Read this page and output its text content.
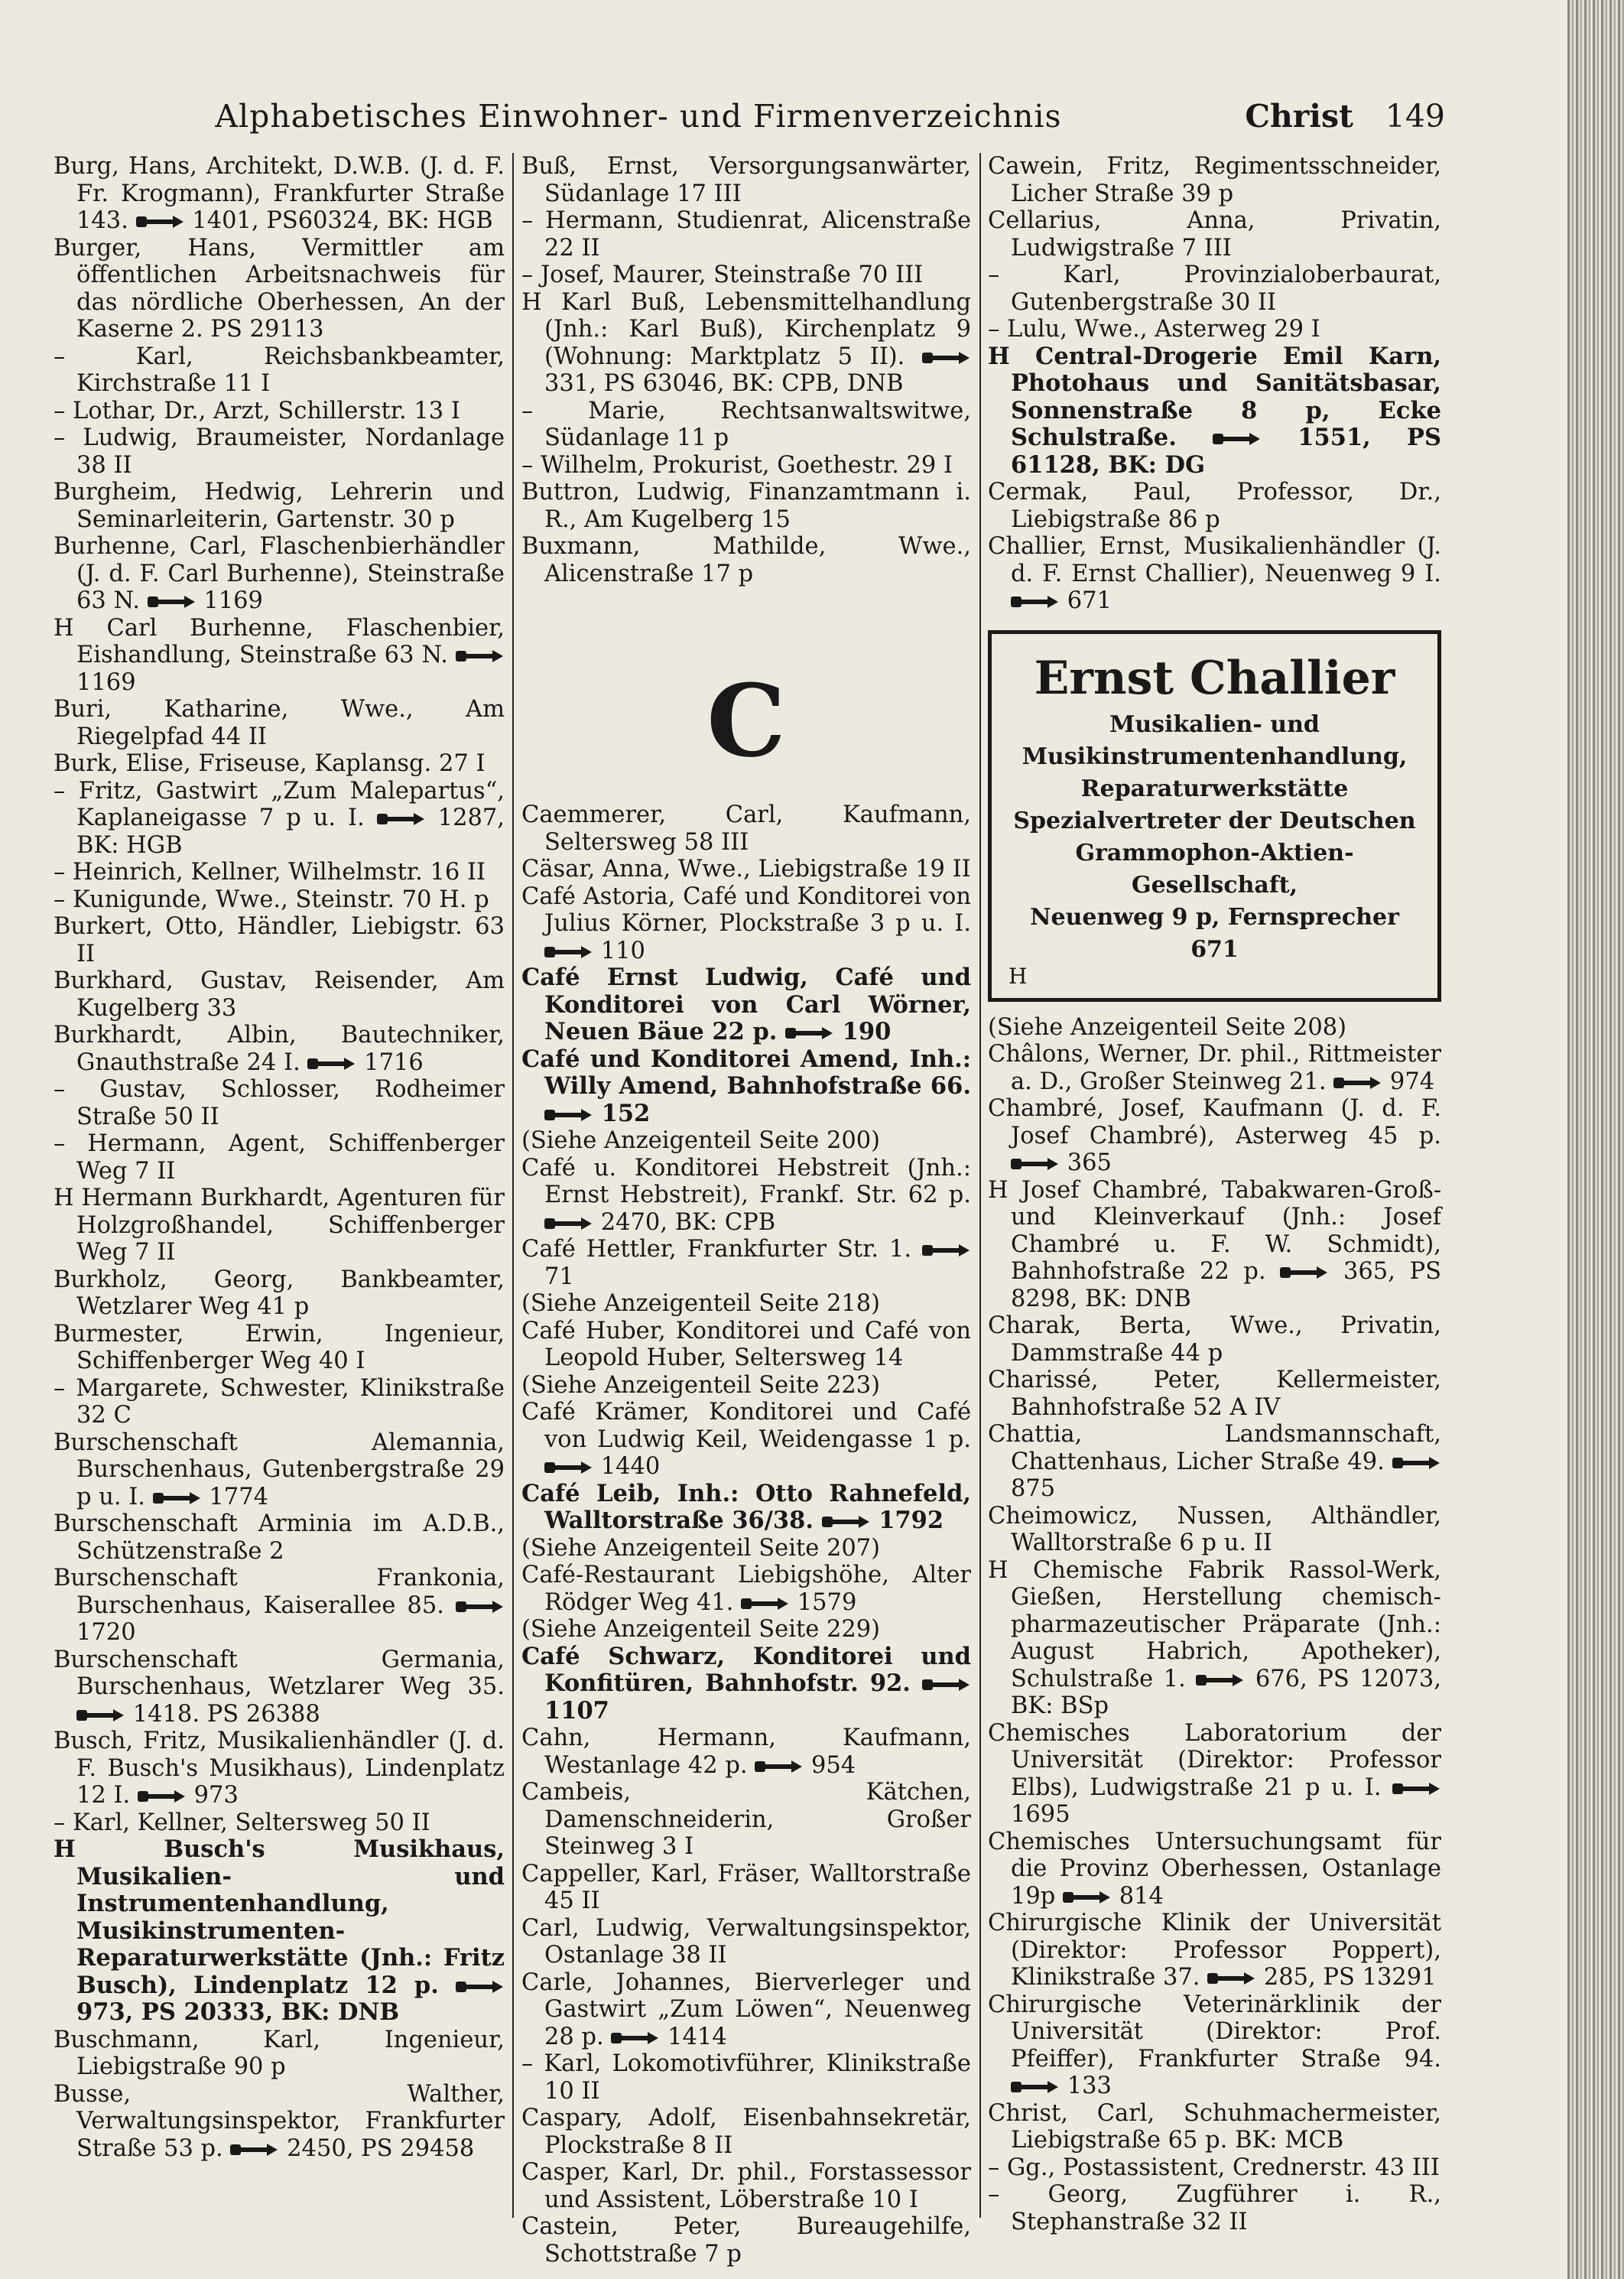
Alphabetisches Einwohner- und Firmenverzeichnis	Christ 149

Burg, Hans, Architekt, D.W.B. (J. d. F. Fr. Krogmann), Frankfurter Straße 143.
1401, PS60324, BK: HGB

Burger, Hans, Vermittler am öffentlichen Arbeitsnachweis für das nördliche Oberhessen, An der Kaserne 2. PS 29113

– Karl, Reichsbankbeamter, Kirchstraße 11 I

– Lothar, Dr., Arzt, Schillerstr. 13 I

– Ludwig, Braumeister, Nordanlage 38 II

Burgheim, Hedwig, Lehrerin und Seminarleiterin, Gartenstr. 30 p

Burhenne, Carl, Flaschenbierhändler (J. d. F. Carl Burhenne), Steinstraße 63 N.
1169

H Carl Burhenne, Flaschenbier, Eishandlung, Steinstraße 63 N.
1169

Buri, Katharine, Wwe., Am Riegelpfad 44 II

Burk, Elise, Friseuse, Kaplansg. 27 I

– Fritz, Gastwirt „Zum Malepartus“, Kaplaneigasse 7 p u. I.
1287, BK: HGB

– Heinrich, Kellner, Wilhelmstr. 16 II

– Kunigunde, Wwe., Steinstr. 70 H. p

Burkert, Otto, Händler, Liebigstr. 63 II

Burkhard, Gustav, Reisender, Am Kugelberg 33

Burkhardt, Albin, Bautechniker, Gnauthstraße 24 I.
1716

– Gustav, Schlosser, Rodheimer Straße 50 II

– Hermann, Agent, Schiffenberger Weg 7 II

H Hermann Burkhardt, Agenturen für Holzgroßhandel, Schiffenberger Weg 7 II

Burkholz, Georg, Bankbeamter, Wetzlarer Weg 41 p

Burmester, Erwin, Ingenieur, Schiffenberger Weg 40 I

– Margarete, Schwester, Klinikstraße 32 C

Burschenschaft Alemannia, Burschenhaus, Gutenbergstraße 29 p u. I.
1774

Burschenschaft Arminia im A.D.B., Schützenstraße 2

Burschenschaft Frankonia, Burschenhaus, Kaiserallee 85.
1720

Burschenschaft Germania, Burschenhaus, Wetzlarer Weg 35.
1418. PS 26388

Busch, Fritz, Musikalienhändler (J. d. F. Busch's Musikhaus), Lindenplatz 12 I.
973

– Karl, Kellner, Seltersweg 50 II

H Busch's Musikhaus, Musikalien- und Instrumentenhandlung, Musikinstrumenten-Reparaturwerkstätte (Jnh.: Fritz Busch), Lindenplatz 12 p.
973, PS 20333, BK: DNB

Buschmann, Karl, Ingenieur, Liebigstraße 90 p

Busse, Walther, Verwaltungsinspektor, Frankfurter Straße 53 p.
2450, PS 29458

Buß, Ernst, Versorgungsanwärter, Südanlage 17 III

– Hermann, Studienrat, Alicenstraße 22 II

– Josef, Maurer, Steinstraße 70 III

H Karl Buß, Lebensmittelhandlung (Jnh.: Karl Buß), Kirchenplatz 9 (Wohnung: Marktplatz 5 II).
331, PS 63046, BK: CPB, DNB

– Marie, Rechtsanwaltswitwe, Südanlage 11 p

– Wilhelm, Prokurist, Goethestr. 29 I

Buttron, Ludwig, Finanzamtmann i. R., Am Kugelberg 15

Buxmann, Mathilde, Wwe., Alicenstraße 17 p

C

Caemmerer, Carl, Kaufmann, Seltersweg 58 III

Cäsar, Anna, Wwe., Liebigstraße 19 II

Café Astoria, Café und Konditorei von Julius Körner, Plockstraße 3 p u. I.
110

Café Ernst Ludwig, Café und Konditorei von Carl Wörner, Neuen Bäue 22 p.
190

Café und Konditorei Amend, Inh.: Willy Amend, Bahnhofstraße 66.
152

(Siehe Anzeigenteil Seite 200)

Café u. Konditorei Hebstreit (Jnh.: Ernst Hebstreit), Frankf. Str. 62 p.
2470, BK: CPB

Café Hettler, Frankfurter Str. 1.
71

(Siehe Anzeigenteil Seite 218)

Café Huber, Konditorei und Café von Leopold Huber, Seltersweg 14

(Siehe Anzeigenteil Seite 223)

Café Krämer, Konditorei und Café von Ludwig Keil, Weidengasse 1 p.
1440

Café Leib, Inh.: Otto Rahnefeld, Walltorstraße 36/38.
1792

(Siehe Anzeigenteil Seite 207)

Café-Restaurant Liebigshöhe, Alter Rödger Weg 41.
1579

(Siehe Anzeigenteil Seite 229)

Café Schwarz, Konditorei und Konfitüren, Bahnhofstr. 92.
1107

Cahn, Hermann, Kaufmann, Westanlage 42 p.
954

Cambeis, Kätchen, Damenschneiderin, Großer Steinweg 3 I

Cappeller, Karl, Fräser, Walltorstraße 45 II

Carl, Ludwig, Verwaltungsinspektor, Ostanlage 38 II

Carle, Johannes, Bierverleger und Gastwirt „Zum Löwen“, Neuenweg 28 p.
1414

– Karl, Lokomotivführer, Klinikstraße 10 II

Caspary, Adolf, Eisenbahnsekretär, Plockstraße 8 II

Casper, Karl, Dr. phil., Forstassessor und Assistent, Löberstraße 10 I

Castein, Peter, Bureaugehilfe, Schottstraße 7 p

Cawein, Fritz, Regimentsschneider, Licher Straße 39 p

Cellarius, Anna, Privatin, Ludwigstraße 7 III

– Karl, Provinzialoberbaurat, Gutenbergstraße 30 II

– Lulu, Wwe., Asterweg 29 I

H Central-Drogerie Emil Karn, Photohaus und Sanitätsbasar, Sonnenstraße 8 p, Ecke Schulstraße.
1551, PS 61128, BK: DG

Cermak, Paul, Professor, Dr., Liebigstraße 86 p

Challier, Ernst, Musikalienhändler (J. d. F. Ernst Challier), Neuenweg 9 I.
671

Ernst Challier
Musikalien- und Musikinstrumentenhandlung, Reparaturwerkstätte
Spezialvertreter der Deutschen
Grammophon-Aktien-Gesellschaft,
Neuenweg 9 p, Fernsprecher 671
H

(Siehe Anzeigenteil Seite 208)

Châlons, Werner, Dr. phil., Rittmeister a. D., Großer Steinweg 21.
974

Chambré, Josef, Kaufmann (J. d. F. Josef Chambré), Asterweg 45 p.
365

H Josef Chambré, Tabakwaren-Groß- und Kleinverkauf (Jnh.: Josef Chambré u. F. W. Schmidt), Bahnhofstraße 22 p.
365, PS 8298, BK: DNB

Charak, Berta, Wwe., Privatin, Dammstraße 44 p

Charissé, Peter, Kellermeister, Bahnhofstraße 52 A IV

Chattia, Landsmannschaft, Chattenhaus, Licher Straße 49.
875

Cheimowicz, Nussen, Althändler, Walltorstraße 6 p u. II

H Chemische Fabrik Rassol-Werk, Gießen, Herstellung chemisch-pharmazeutischer Präparate (Jnh.: August Habrich, Apotheker), Schulstraße 1.
676, PS 12073, BK: BSp

Chemisches Laboratorium der Universität (Direktor: Professor Elbs), Ludwigstraße 21 p u. I.
1695

Chemisches Untersuchungsamt für die Provinz Oberhessen, Ostanlage 19p
814

Chirurgische Klinik der Universität (Direktor: Professor Poppert), Klinikstraße 37.
285, PS 13291

Chirurgische Veterinärklinik der Universität (Direktor: Prof. Pfeiffer), Frankfurter Straße 94.
133

Christ, Carl, Schuhmachermeister, Liebigstraße 65 p. BK: MCB

– Gg., Postassistent, Crednerstr. 43 III

– Georg, Zugführer i. R., Stephanstraße 32 II
